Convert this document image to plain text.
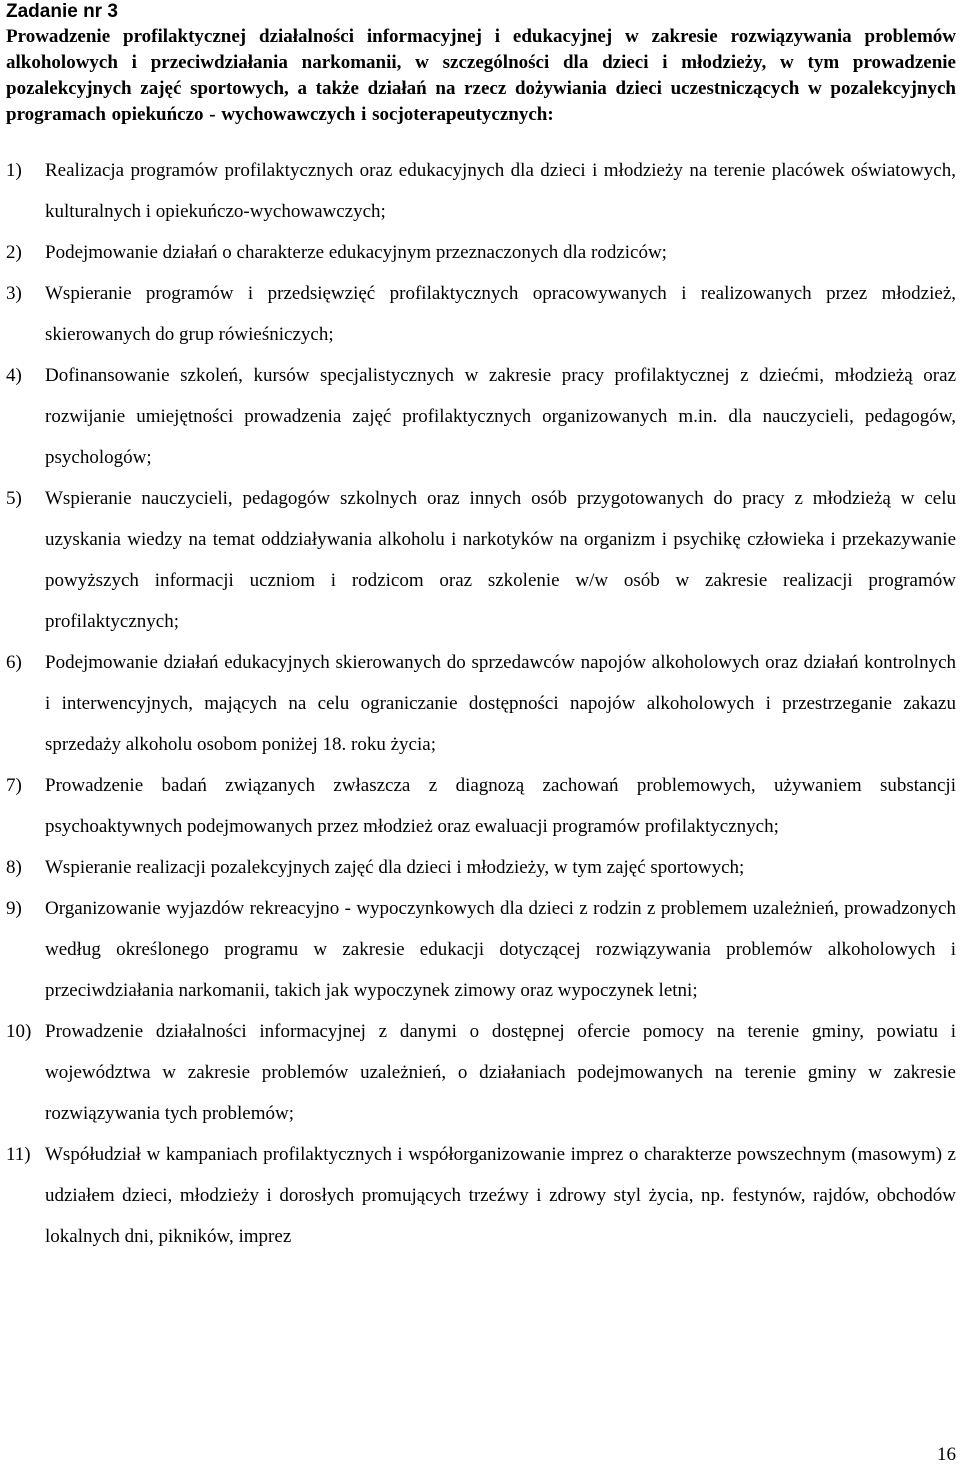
Zadanie nr 3
Prowadzenie profilaktycznej działalności informacyjnej i edukacyjnej w zakresie rozwiązywania problemów alkoholowych i przeciwdziałania narkomanii, w szczególności dla dzieci i młodzieży, w tym prowadzenie pozalekcyjnych zajęć sportowych, a także działań na rzecz dożywiania dzieci uczestniczących w pozalekcyjnych programach opiekuńczo - wychowawczych i socjoterapeutycznych:
1) Realizacja programów profilaktycznych oraz edukacyjnych dla dzieci i młodzieży na terenie placówek oświatowych, kulturalnych i opiekuńczo-wychowawczych;
2) Podejmowanie działań o charakterze edukacyjnym przeznaczonych dla rodziców;
3) Wspieranie programów i przedsięwzięć profilaktycznych opracowywanych i realizowanych przez młodzież, skierowanych do grup rówieśniczych;
4) Dofinansowanie szkoleń, kursów specjalistycznych w zakresie pracy profilaktycznej z dziećmi, młodzieżą oraz rozwijanie umiejętności prowadzenia zajęć profilaktycznych organizowanych m.in. dla nauczycieli, pedagogów, psychologów;
5) Wspieranie nauczycieli, pedagogów szkolnych oraz innych osób przygotowanych do pracy z młodzieżą w celu uzyskania wiedzy na temat oddziaływania alkoholu i narkotyków na organizm i psychikę człowieka i przekazywanie powyższych informacji uczniom i rodzicom oraz szkolenie w/w osób w zakresie realizacji programów profilaktycznych;
6) Podejmowanie działań edukacyjnych skierowanych do sprzedawców napojów alkoholowych oraz działań kontrolnych i interwencyjnych, mających na celu ograniczanie dostępności napojów alkoholowych i przestrzeganie zakazu sprzedaży alkoholu osobom poniżej 18. roku życia;
7) Prowadzenie badań związanych zwłaszcza z diagnozą zachowań problemowych, używaniem substancji psychoaktywnych podejmowanych przez młodzież oraz ewaluacji programów profilaktycznych;
8) Wspieranie realizacji pozalekcyjnych zajęć dla dzieci i młodzieży, w tym zajęć sportowych;
9) Organizowanie wyjazdów rekreacyjno - wypoczynkowych dla dzieci z rodzin z problemem uzależnień, prowadzonych według określonego programu w zakresie edukacji dotyczącej rozwiązywania problemów alkoholowych i przeciwdziałania narkomanii, takich jak wypoczynek zimowy oraz wypoczynek letni;
10) Prowadzenie działalności informacyjnej z danymi o dostępnej ofercie pomocy na terenie gminy, powiatu i województwa w zakresie problemów uzależnień, o działaniach podejmowanych na terenie gminy w zakresie rozwiązywania tych problemów;
11) Współudział w kampaniach profilaktycznych i współorganizowanie imprez o charakterze powszechnym (masowym) z udziałem dzieci, młodzieży i dorosłych promujących trzeźwy i zdrowy styl życia, np. festynów, rajdów, obchodów lokalnych dni, pikników, imprez
16
